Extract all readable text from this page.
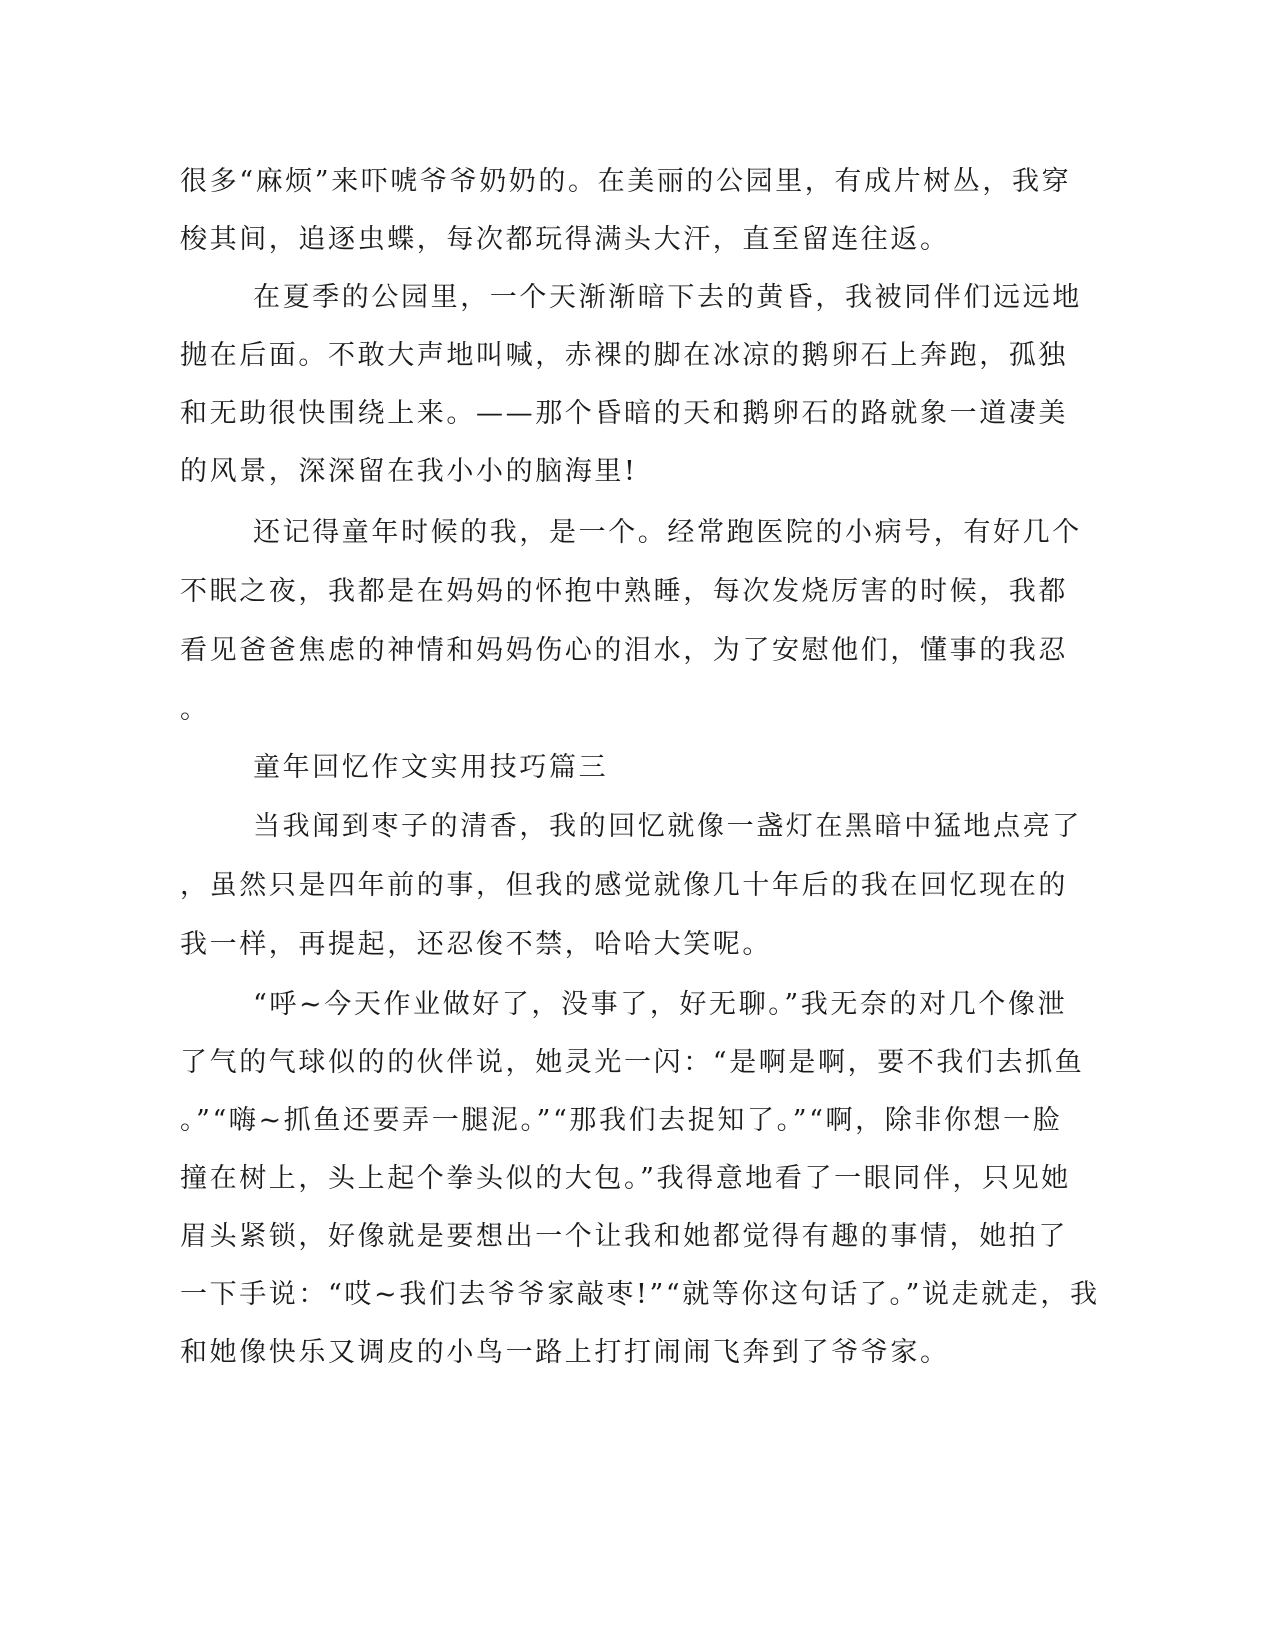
很多“麻烦”来吓唬爷爷奶奶的。在美丽的公园里，有成片树丛，我穿
梭其间，追逐虫蝶，每次都玩得满头大汗，直至留连往返。
在夏季的公园里，一个天渐渐暗下去的黄昏，我被同伴们远远地
抛在后面。不敢大声地叫喊，赤裸的脚在冰凉的鹅卵石上奔跑，孤独
和无助很快围绕上来。——那个昏暗的天和鹅卵石的路就象一道凄美
的风景，深深留在我小小的脑海里!
还记得童年时候的我，是一个。经常跑医院的小病号，有好几个
不眠之夜，我都是在妈妈的怀抱中熟睡，每次发烧厉害的时候，我都
看见爸爸焦虑的神情和妈妈伤心的泪水，为了安慰他们，懂事的我忍
。
童年回忆作文实用技巧篇三
当我闻到枣子的清香，我的回忆就像一盏灯在黑暗中猛地点亮了
，虽然只是四年前的事，但我的感觉就像几十年后的我在回忆现在的
我一样，再提起，还忍俊不禁，哈哈大笑呢。
“呼~今天作业做好了，没事了，好无聊。”我无奈的对几个像泄
了气的气球似的的伙伴说，她灵光一闪：“是啊是啊，要不我们去抓鱼
。”“嗨~抓鱼还要弄一腿泥。”“那我们去捉知了。”“啊，除非你想一脸
撞在树上，头上起个拳头似的大包。”我得意地看了一眼同伴，只见她
眉头紧锁，好像就是要想出一个让我和她都觉得有趣的事情，她拍了
一下手说：“哎~我们去爷爷家敲枣!”“就等你这句话了。”说走就走，我
和她像快乐又调皮的小鸟一路上打打闹闹飞奔到了爷爷家。
